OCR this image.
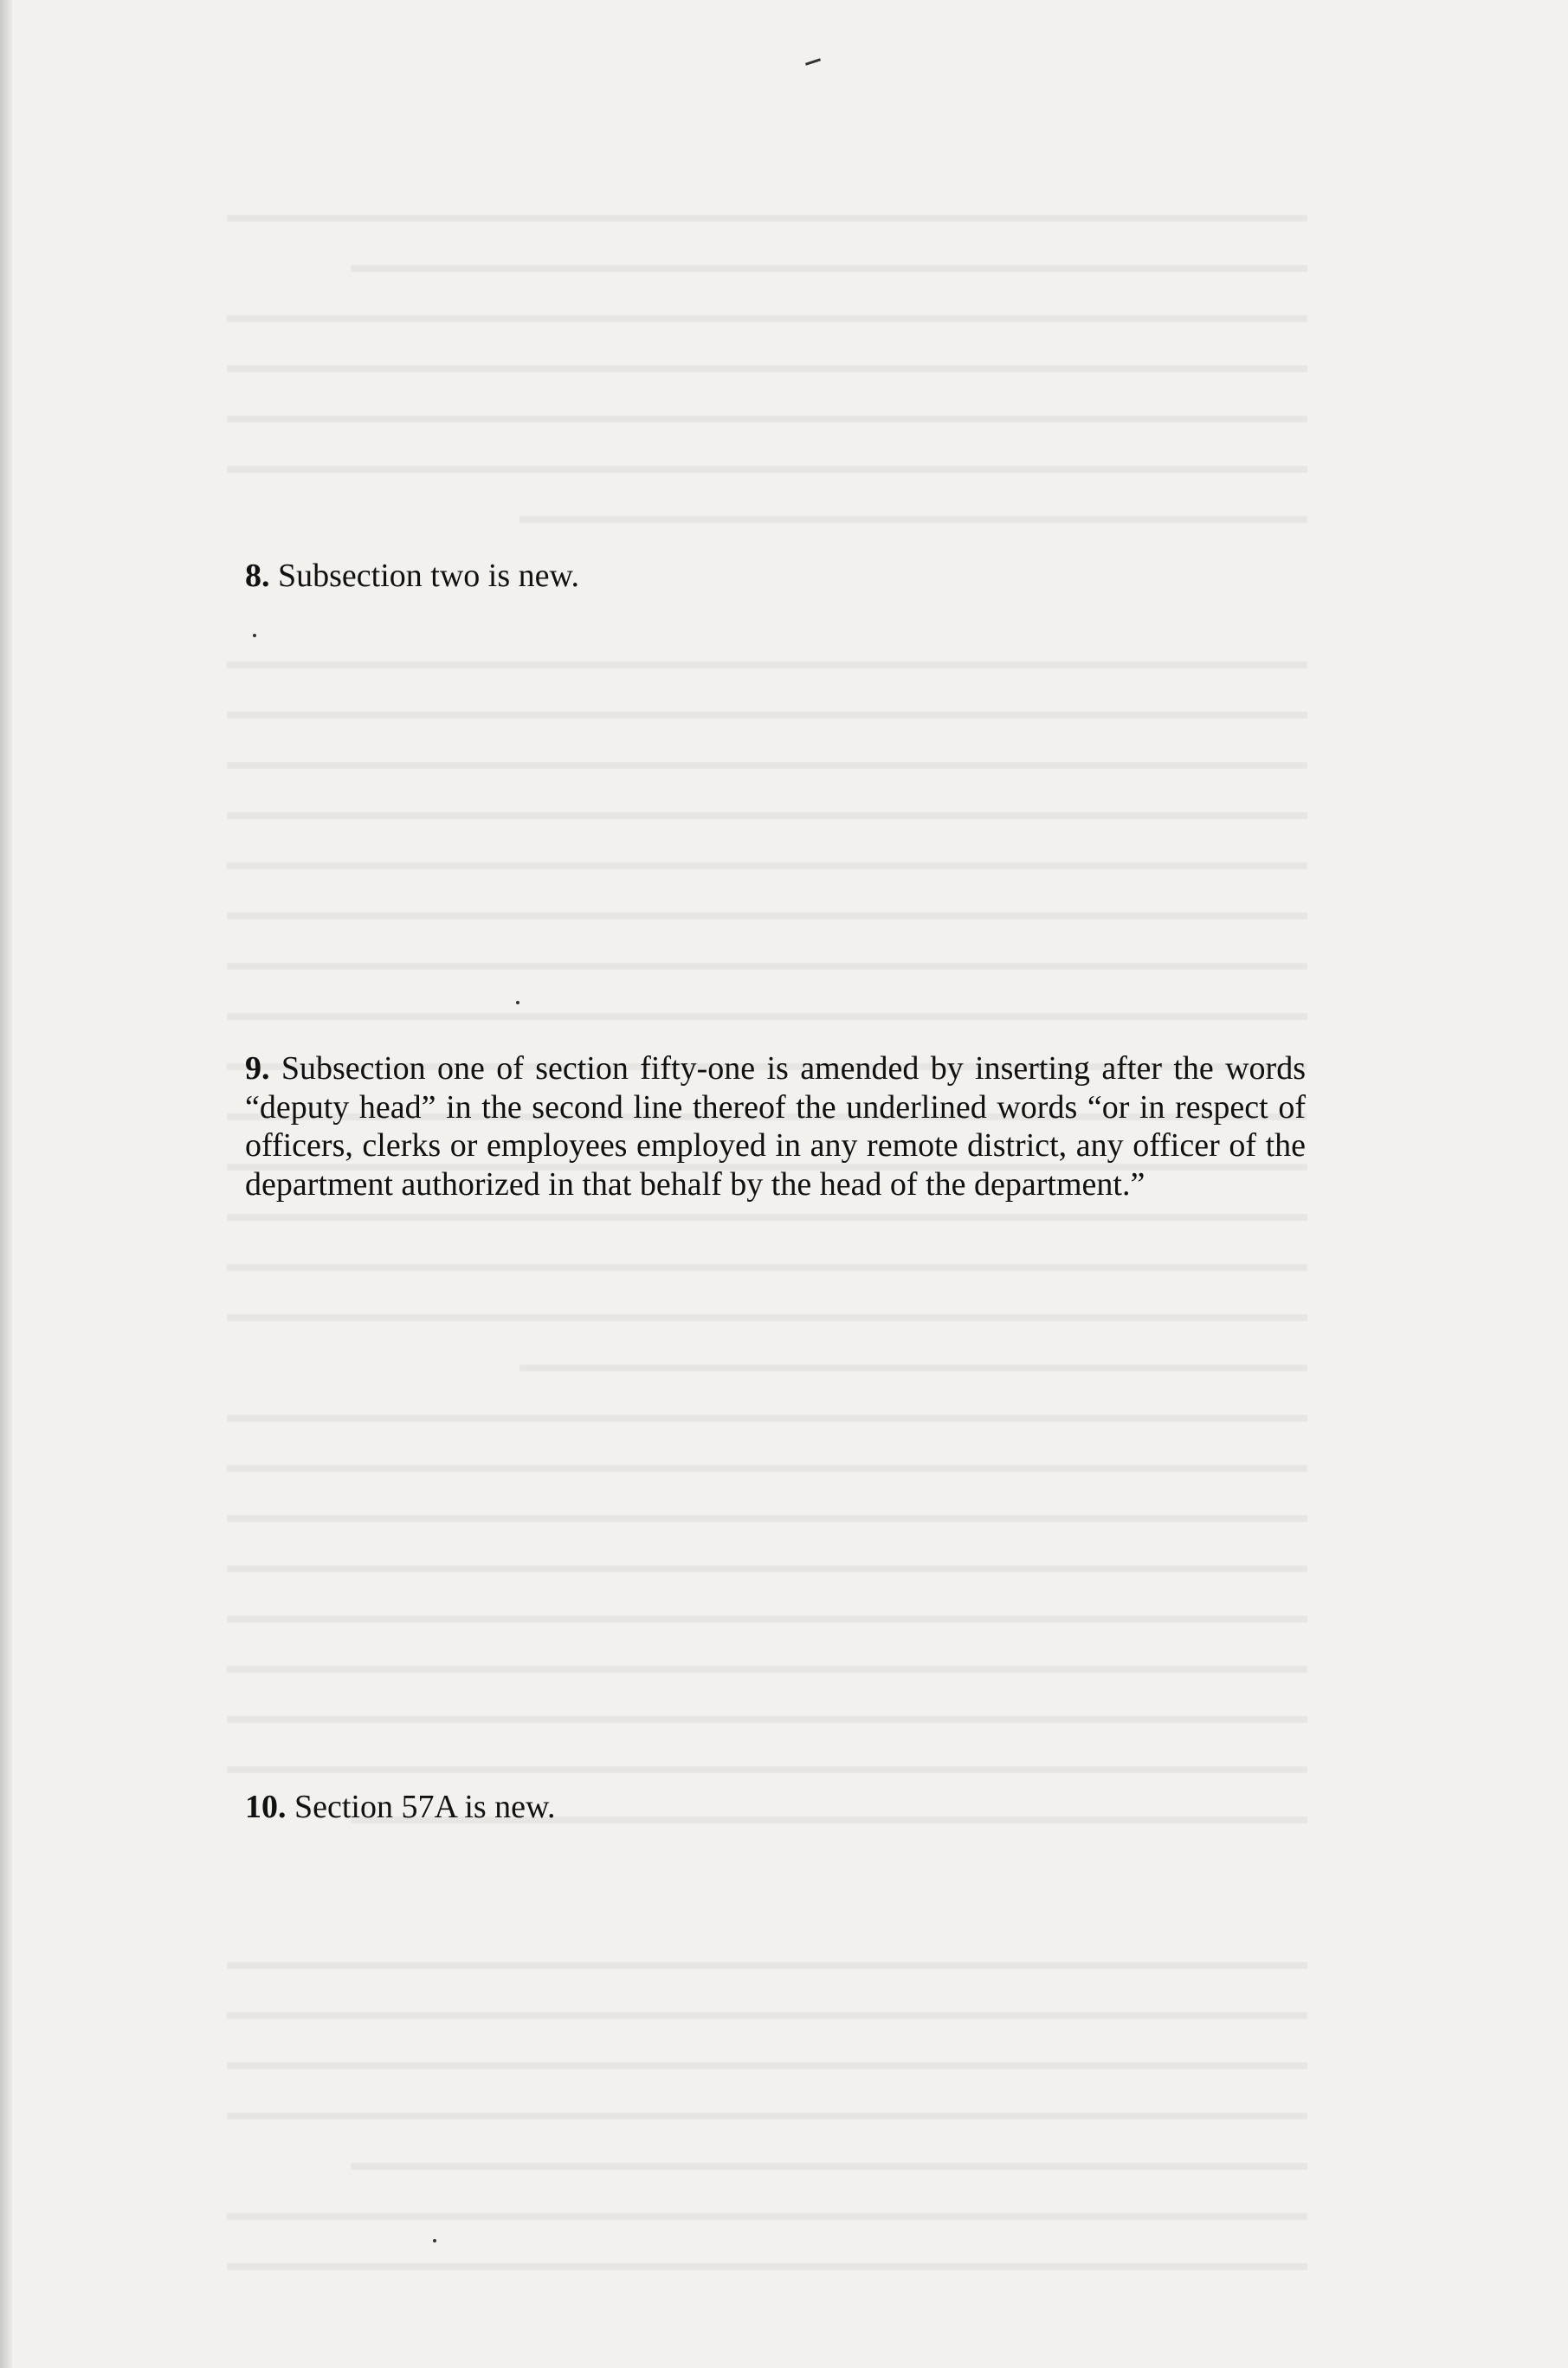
8. Subsection two is new.
9. Subsection one of section fifty-one is amended by inserting after the words “deputy head” in the second line thereof the underlined words “or in respect of officers, clerks or employees employed in any remote district, any officer of the department authorized in that behalf by the head of the department.”
10. Section 57A is new.
